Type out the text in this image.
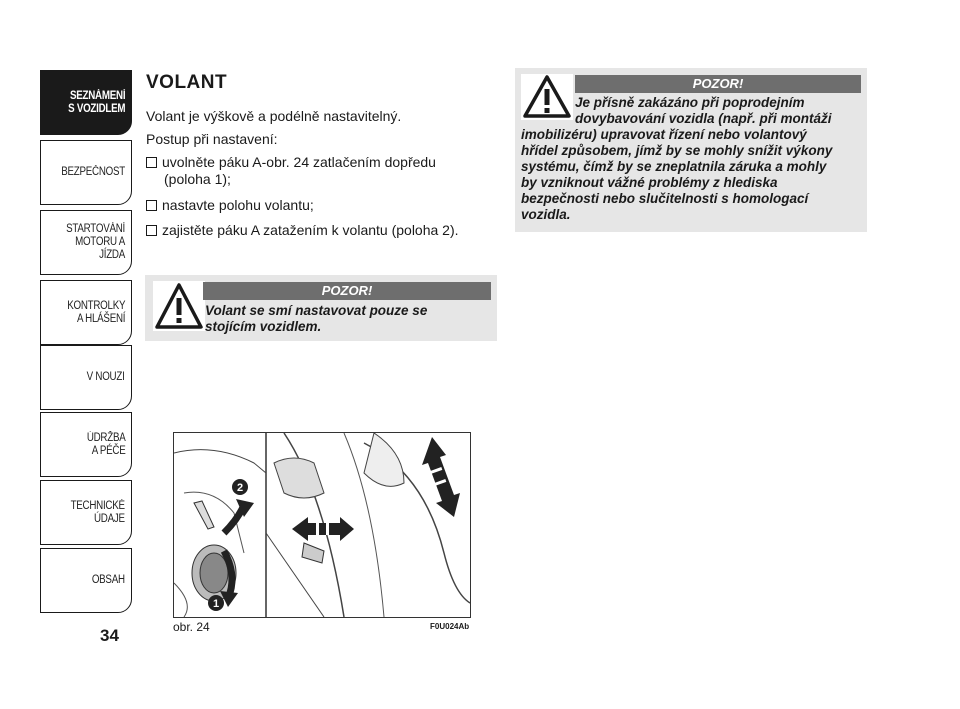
SEZNÁMENÍ
S VOZIDLEM
BEZPEČNOST
STARTOVÁNÍ
MOTORU A JÍZDA
KONTROLKY
A HLÁŠENÍ
V NOUZI
ÚDRŽBA
A PÉČE
TECHNICKÉ
ÚDAJE
OBSAH
34
VOLANT
Volant je výškově a podélně nastavitelný.
Postup při nastavení:
uvolněte páku A-obr. 24 zatlačením dopředu
(poloha 1);
nastavte polohu volantu;
zajistěte páku A zatažením k volantu (poloha 2).
POZOR!
Volant se smí nastavovat pouze se
stojícím vozidlem.
POZOR!
Je přísně zakázáno při poprodejním
dovybavování vozidla (např. při montáži
imobilizéru) upravovat řízení nebo volantový
hřídel způsobem, jímž by se mohly snížit výkony
systému, čímž by se zneplatnila záruka a mohly
by vzniknout vážné problémy z hlediska
bezpečnosti nebo slučitelnosti s homologací
vozidla.
2
1
obr. 24	F0U024Ab
